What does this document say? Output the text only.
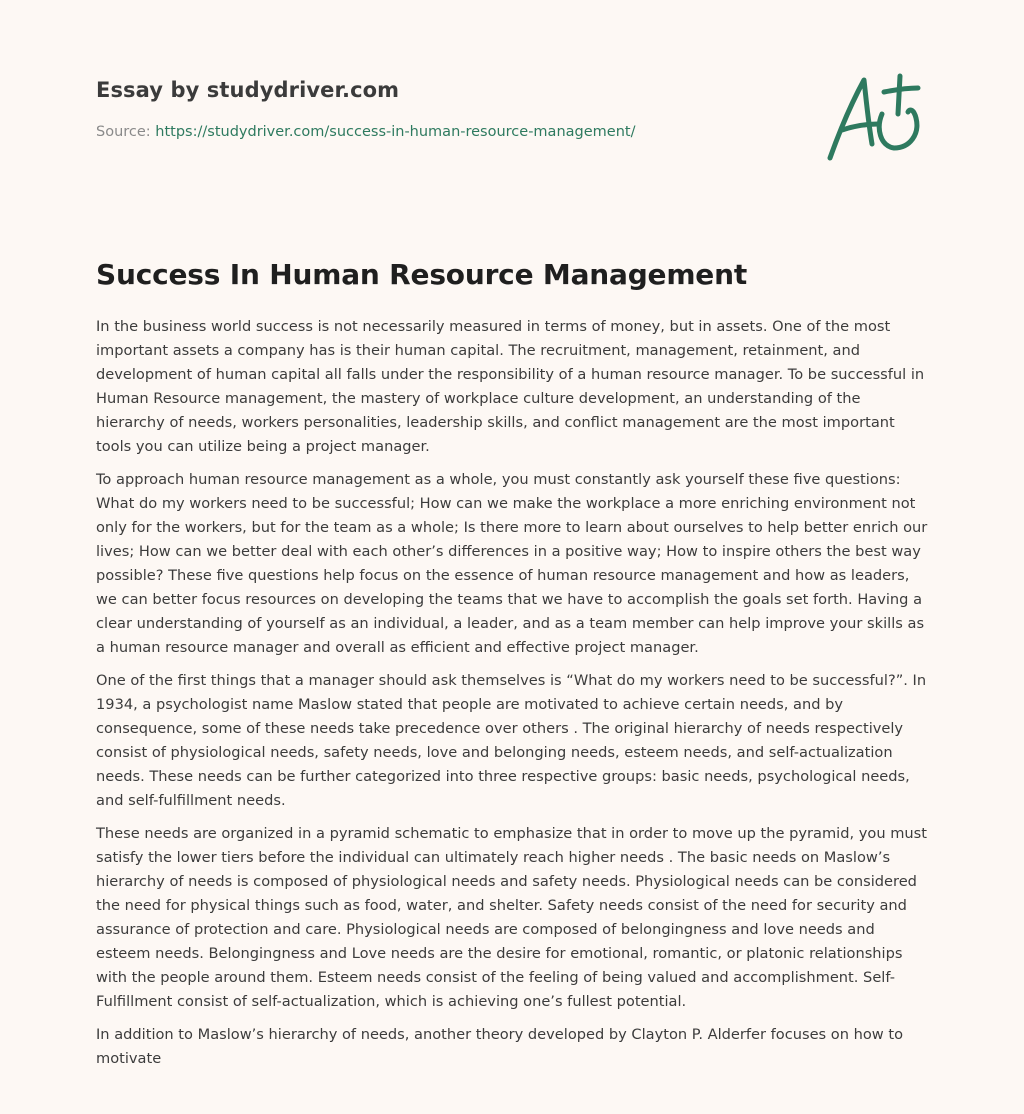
Essay by studydriver.com
Source: https://studydriver.com/success-in-human-resource-management/
Success In Human Resource Management

In the business world success is not necessarily measured in terms of money, but in assets. One of the most important assets a company has is their human capital. The recruitment, management, retainment, and development of human capital all falls under the responsibility of a human resource manager. To be successful in Human Resource management, the mastery of workplace culture development, an understanding of the hierarchy of needs, workers personalities, leadership skills, and conflict management are the most important tools you can utilize being a project manager.

To approach human resource management as a whole, you must constantly ask yourself these five questions: What do my workers need to be successful; How can we make the workplace a more enriching environment not only for the workers, but for the team as a whole; Is there more to learn about ourselves to help better enrich our lives; How can we better deal with each other’s differences in a positive way; How to inspire others the best way possible? These five questions help focus on the essence of human resource management and how as leaders, we can better focus resources on developing the teams that we have to accomplish the goals set forth. Having a clear understanding of yourself as an individual, a leader, and as a team member can help improve your skills as a human resource manager and overall as efficient and effective project manager.

One of the first things that a manager should ask themselves is “What do my workers need to be successful?”. In 1934, a psychologist name Maslow stated that people are motivated to achieve certain needs, and by consequence, some of these needs take precedence over others . The original hierarchy of needs respectively consist of physiological needs, safety needs, love and belonging needs, esteem needs, and self-actualization needs. These needs can be further categorized into three respective groups: basic needs, psychological needs, and self-fulfillment needs.

These needs are organized in a pyramid schematic to emphasize that in order to move up the pyramid, you must satisfy the lower tiers before the individual can ultimately reach higher needs . The basic needs on Maslow’s hierarchy of needs is composed of physiological needs and safety needs. Physiological needs can be considered the need for physical things such as food, water, and shelter. Safety needs consist of the need for security and assurance of protection and care. Physiological needs are composed of belongingness and love needs and esteem needs. Belongingness and Love needs are the desire for emotional, romantic, or platonic relationships with the people around them. Esteem needs consist of the feeling of being valued and accomplishment. Self-Fulfillment consist of self-actualization, which is achieving one’s fullest potential.

In addition to Maslow’s hierarchy of needs, another theory developed by Clayton P. Alderfer focuses on how to motivate
